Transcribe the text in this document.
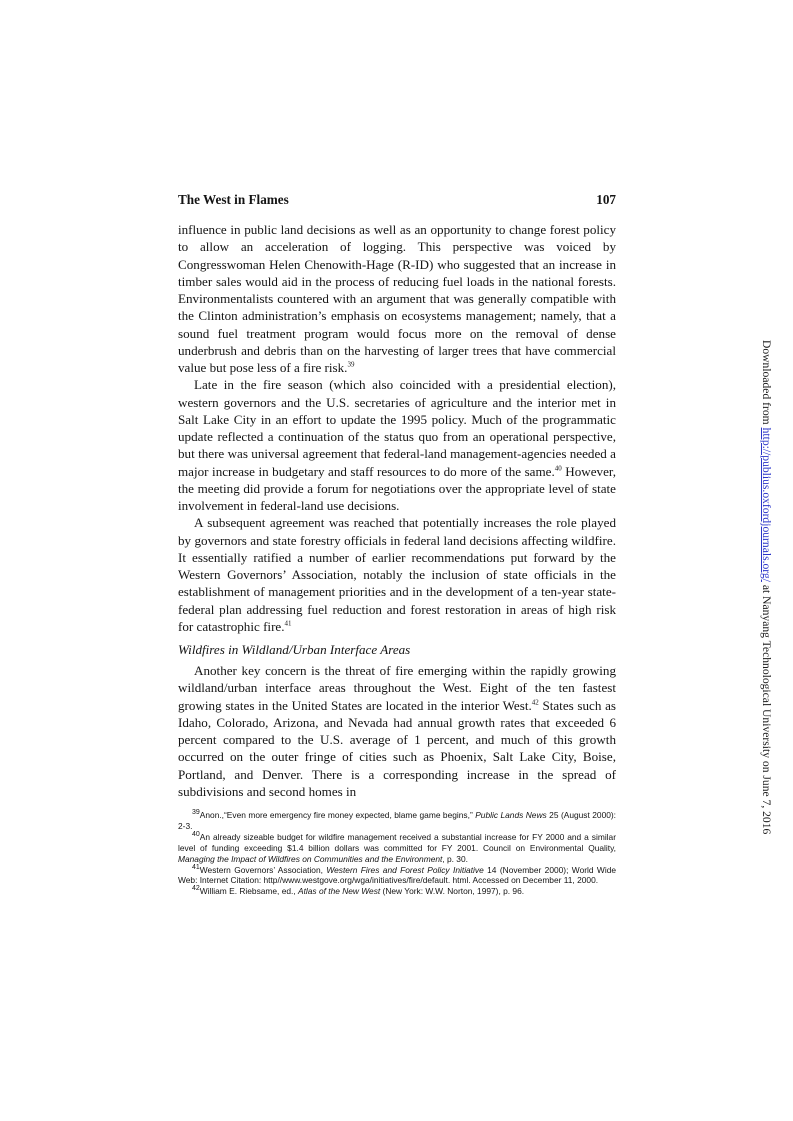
The West in Flames	107

influence in public land decisions as well as an opportunity to change forest policy to allow an acceleration of logging. This perspective was voiced by Congresswoman Helen Chenowith-Hage (R-ID) who suggested that an increase in timber sales would aid in the process of reducing fuel loads in the national forests. Environmentalists countered with an argument that was generally compatible with the Clinton administration’s emphasis on ecosystems management; namely, that a sound fuel treatment program would focus more on the removal of dense underbrush and debris than on the harvesting of larger trees that have commercial value but pose less of a fire risk.$^{39}$

Late in the fire season (which also coincided with a presidential election), western governors and the U.S. secretaries of agriculture and the interior met in Salt Lake City in an effort to update the 1995 policy. Much of the programmatic update reflected a continuation of the status quo from an operational perspective, but there was universal agreement that federal-land management-agencies needed a major increase in budgetary and staff resources to do more of the same.$^{40}$ However, the meeting did provide a forum for negotiations over the appropriate level of state involvement in federal-land use decisions.

A subsequent agreement was reached that potentially increases the role played by governors and state forestry officials in federal land decisions affecting wildfire. It essentially ratified a number of earlier recommendations put forward by the Western Governors’ Association, notably the inclusion of state officials in the establishment of management priorities and in the development of a ten-year state-federal plan addressing fuel reduction and forest restoration in areas of high risk for catastrophic fire.$^{41}$

Wildfires in Wildland/Urban Interface Areas

Another key concern is the threat of fire emerging within the rapidly growing wildland/urban interface areas throughout the West. Eight of the ten fastest growing states in the United States are located in the interior West.$^{42}$ States such as Idaho, Colorado, Arizona, and Nevada had annual growth rates that exceeded 6 percent compared to the U.S. average of 1 percent, and much of this growth occurred on the outer fringe of cities such as Phoenix, Salt Lake City, Boise, Portland, and Denver. There is a corresponding increase in the spread of subdivisions and second homes in

$^{39}$Anon.,“Even more emergency fire money expected, blame game begins,” Public Lands News 25 (August 2000): 2-3.

$^{40}$An already sizeable budget for wildfire management received a substantial increase for FY 2000 and a similar level of funding exceeding $1.4 billion dollars was committed for FY 2001. Council on Environmental Quality, Managing the Impact of Wildfires on Communities and the Environment, p. 30.

$^{41}$Western Governors’ Association, Western Fires and Forest Policy Initiative 14 (November 2000); World Wide Web: Internet Citation: http//www.westgove.org/wga/initiatives/fire/default. html. Accessed on December 11, 2000.

$^{42}$William E. Riebsame, ed., Atlas of the New West (New York: W.W. Norton, 1997), p. 96.

Downloaded from http://publius.oxfordjournals.org/ at Nanyang Technological University on June 7, 2016
